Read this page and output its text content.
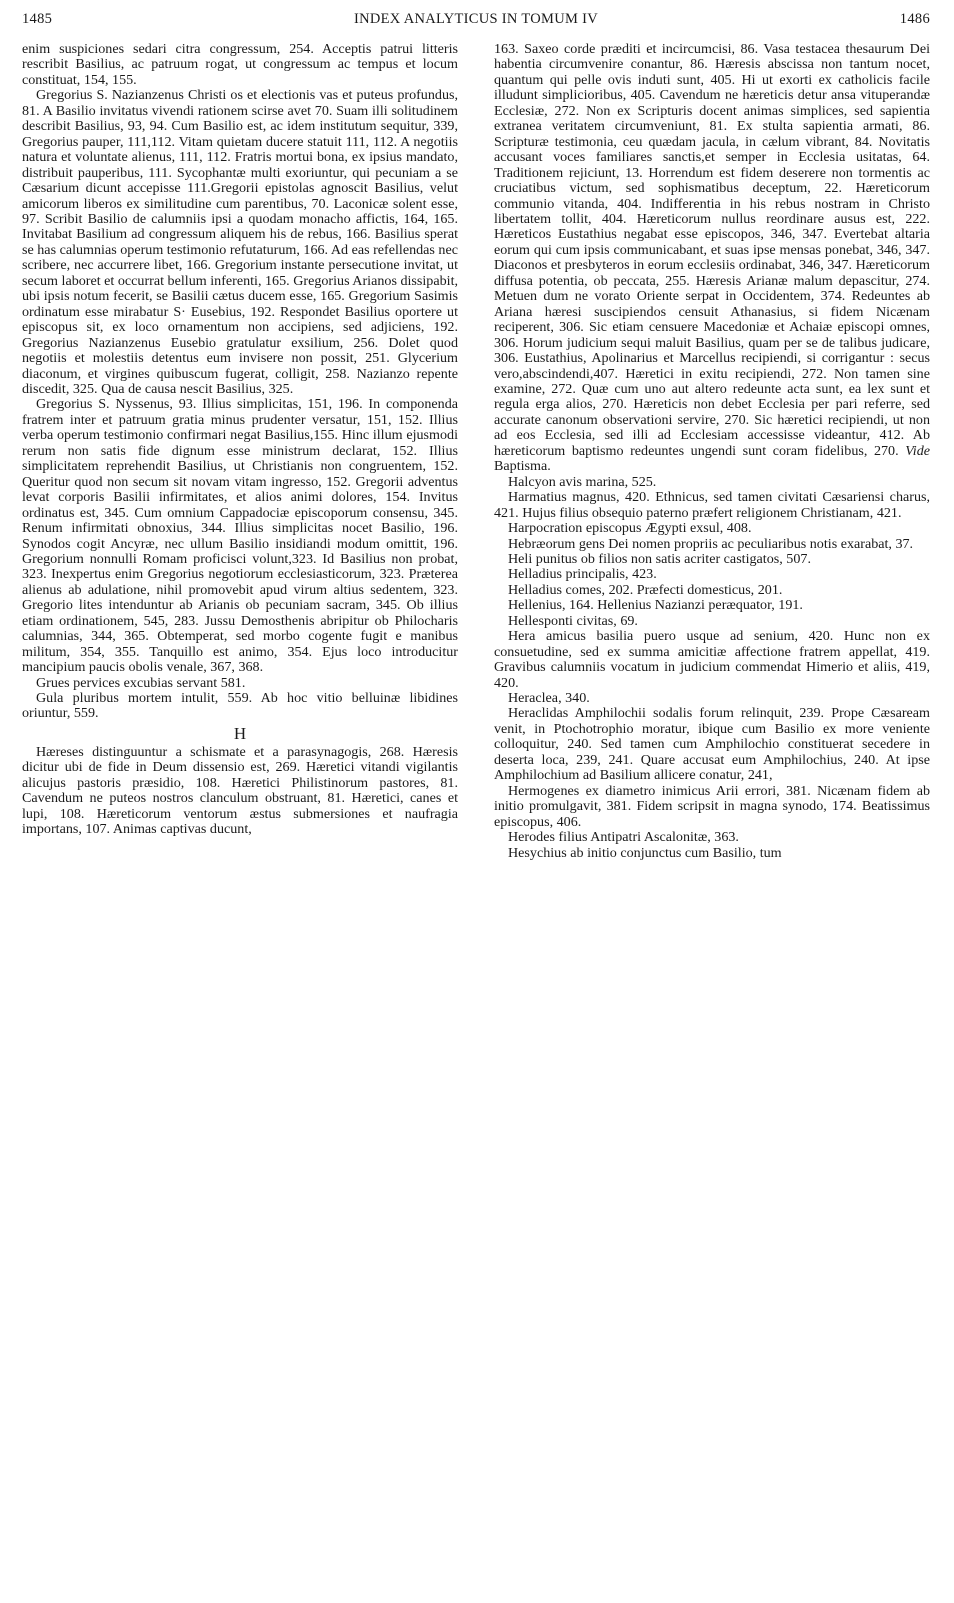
1485	INDEX ANALYTICUS IN TOMUM IV	1486

enim suspiciones sedari citra congressum, 254. Acceptis patrui litteris rescribit Basilius, ac patruum rogat, ut congressum ac tempus et locum constituat, 154, 155.

Gregorius S. Nazianzenus Christi os et electionis vas et puteus profundus, 81. A Basilio invitatus vivendi rationem scirse avet 70. Suam illi solitudinem describit Basilius, 93, 94. Cum Basilio est, ac idem institutum sequitur, 339, Gregorius pauper, 111,112. Vitam quietam ducere statuit 111, 112. A negotiis natura et voluntate alienus, 111, 112. Fratris mortui bona, ex ipsius mandato, distribuit pauperibus, 111. Sycophantæ multi exoriuntur, qui pecuniam a se Cæsarium dicunt accepisse 111.Gregorii epistolas agnoscit Basilius, velut amicorum liberos ex similitudine cum parentibus, 70. Laconicæ solent esse, 97. Scribit Basilio de calumniis ipsi a quodam monacho affictis, 164, 165. Invitabat Basilium ad congressum aliquem his de rebus, 166. Basilius sperat se has calumnias operum testimonio refutaturum, 166. Ad eas refellendas nec scribere, nec accurrere libet, 166. Gregorium instante persecutione invitat, ut secum laboret et occurrat bellum inferenti, 165. Gregorius Arianos dissipabit, ubi ipsis notum fecerit, se Basilii cætus ducem esse, 165. Gregorium Sasimis ordinatum esse mirabatur S· Eusebius, 192. Respondet Basilius oportere ut episcopus sit, ex loco ornamentum non accipiens, sed adjiciens, 192. Gregorius Nazianzenus Eusebio gratulatur exsilium, 256. Dolet quod negotiis et molestiis detentus eum invisere non possit, 251. Glycerium diaconum, et virgines quibuscum fugerat, colligit, 258. Nazianzo repente discedit, 325. Qua de causa nescit Basilius, 325.

Gregorius S. Nyssenus, 93. Illius simplicitas, 151, 196. In componenda fratrem inter et patruum gratia minus prudenter versatur, 151, 152. Illius verba operum testimonio confirmari negat Basilius,155. Hinc illum ejusmodi rerum non satis fide dignum esse ministrum declarat, 152. Illius simplicitatem reprehendit Basilius, ut Christianis non congruentem, 152. Queritur quod non secum sit novam vitam ingresso, 152. Gregorii adventus levat corporis Basilii infirmitates, et alios animi dolores, 154. Invitus ordinatus est, 345. Cum omnium Cappadociæ episcoporum consensu, 345. Renum infirmitati obnoxius, 344. Illius simplicitas nocet Basilio, 196. Synodos cogit Ancyræ, nec ullum Basilio insidiandi modum omittit, 196. Gregorium nonnulli Romam proficisci volunt,323. Id Basilius non probat, 323. Inexpertus enim Gregorius negotiorum ecclesiasticorum, 323. Præterea alienus ab adulatione, nihil promovebit apud virum altius sedentem, 323. Gregorio lites intenduntur ab Arianis ob pecuniam sacram, 345. Ob illius etiam ordinationem, 545, 283. Jussu Demosthenis abripitur ob Philocharis calumnias, 344, 365. Obtemperat, sed morbo cogente fugit e manibus militum, 354, 355. Tanquillo est animo, 354. Ejus loco introducitur mancipium paucis obolis venale, 367, 368.

Grues pervices excubias servant 581.

Gula pluribus mortem intulit, 559. Ab hoc vitio belluinæ libidines oriuntur, 559.

H

Hæreses distinguuntur a schismate et a parasynagogis, 268. Hæresis dicitur ubi de fide in Deum dissensio est, 269. Hæretici vitandi vigilantis alicujus pastoris præsidio, 108. Hæretici Philistinorum pastores, 81. Cavendum ne puteos nostros clanculum obstruant, 81. Hæretici, canes et lupi, 108. Hæreticorum ventorum æstus submersiones et naufragia importans, 107. Animas captivas ducunt,

163. Saxeo corde præditi et incircumcisi, 86. Vasa testacea thesaurum Dei habentia circumvenire conantur, 86. Hæresis abscissa non tantum nocet, quantum qui pelle ovis induti sunt, 405. Hi ut exorti ex catholicis facile illudunt simplicioribus, 405. Cavendum ne hæreticis detur ansa vituperandæ Ecclesiæ, 272. Non ex Scripturis docent animas simplices, sed sapientia extranea veritatem circumveniunt, 81. Ex stulta sapientia armati, 86. Scripturæ testimonia, ceu quædam jacula, in cælum vibrant, 84. Novitatis accusant voces familiares sanctis,et semper in Ecclesia usitatas, 64. Traditionem rejiciunt, 13. Horrendum est fidem deserere non tormentis ac cruciatibus victum, sed sophismatibus deceptum, 22. Hæreticorum communio vitanda, 404. Indifferentia in his rebus nostram in Christo libertatem tollit, 404. Hæreticorum nullus reordinare ausus est, 222. Hæreticos Eustathius negabat esse episcopos, 346, 347. Evertebat altaria eorum qui cum ipsis communicabant, et suas ipse mensas ponebat, 346, 347. Diaconos et presbyteros in eorum ecclesiis ordinabat, 346, 347. Hæreticorum diffusa potentia, ob peccata, 255. Hæresis Arianæ malum depascitur, 274. Metuen dum ne vorato Oriente serpat in Occidentem, 374. Redeuntes ab Ariana hæresi suscipiendos censuit Athanasius, si fidem Nicænam reciperent, 306. Sic etiam censuere Macedoniæ et Achaiæ episcopi omnes, 306. Horum judicium sequi maluit Basilius, quam per se de talibus judicare, 306. Eustathius, Apolinarius et Marcellus recipiendi, si corrigantur : secus vero,abscindendi,407. Hæretici in exitu recipiendi, 272. Non tamen sine examine, 272. Quæ cum uno aut altero redeunte acta sunt, ea lex sunt et regula erga alios, 270. Hæreticis non debet Ecclesia per pari referre, sed accurate canonum observationi servire, 270. Sic hæretici recipiendi, ut non ad eos Ecclesia, sed illi ad Ecclesiam accessisse videantur, 412. Ab hæreticorum baptismo redeuntes ungendi sunt coram fidelibus, 270. Vide Baptisma.

Halcyon avis marina, 525.

Harmatius magnus, 420. Ethnicus, sed tamen civitati Cæsariensi charus, 421. Hujus filius obsequio paterno præfert religionem Christianam, 421.

Harpocration episcopus Ægypti exsul, 408.

Hebræorum gens Dei nomen propriis ac peculiaribus notis exarabat, 37.

Heli punitus ob filios non satis acriter castigatos, 507.

Helladius principalis, 423.

Helladius comes, 202. Præfecti domesticus, 201.

Hellenius, 164. Hellenius Nazianzi peræquator, 191.

Hellesponti civitas, 69.

Hera amicus basilia puero usque ad senium, 420. Hunc non ex consuetudine, sed ex summa amicitiæ affectione fratrem appellat, 419. Gravibus calumniis vocatum in judicium commendat Himerio et aliis, 419, 420.

Heraclea, 340.

Heraclidas Amphilochii sodalis forum relinquit, 239. Prope Cæsaream venit, in Ptochotrophio moratur, ibique cum Basilio ex more veniente colloquitur, 240. Sed tamen cum Amphilochio constituerat secedere in deserta loca, 239, 241. Quare accusat eum Amphilochius, 240. At ipse Amphilochium ad Basilium allicere conatur, 241,

Hermogenes ex diametro inimicus Arii errori, 381. Nicænam fidem ab initio promulgavit, 381. Fidem scripsit in magna synodo, 174. Beatissimus episcopus, 406.

Herodes filius Antipatri Ascalonitæ, 363.

Hesychius ab initio conjunctus cum Basilio, tum
